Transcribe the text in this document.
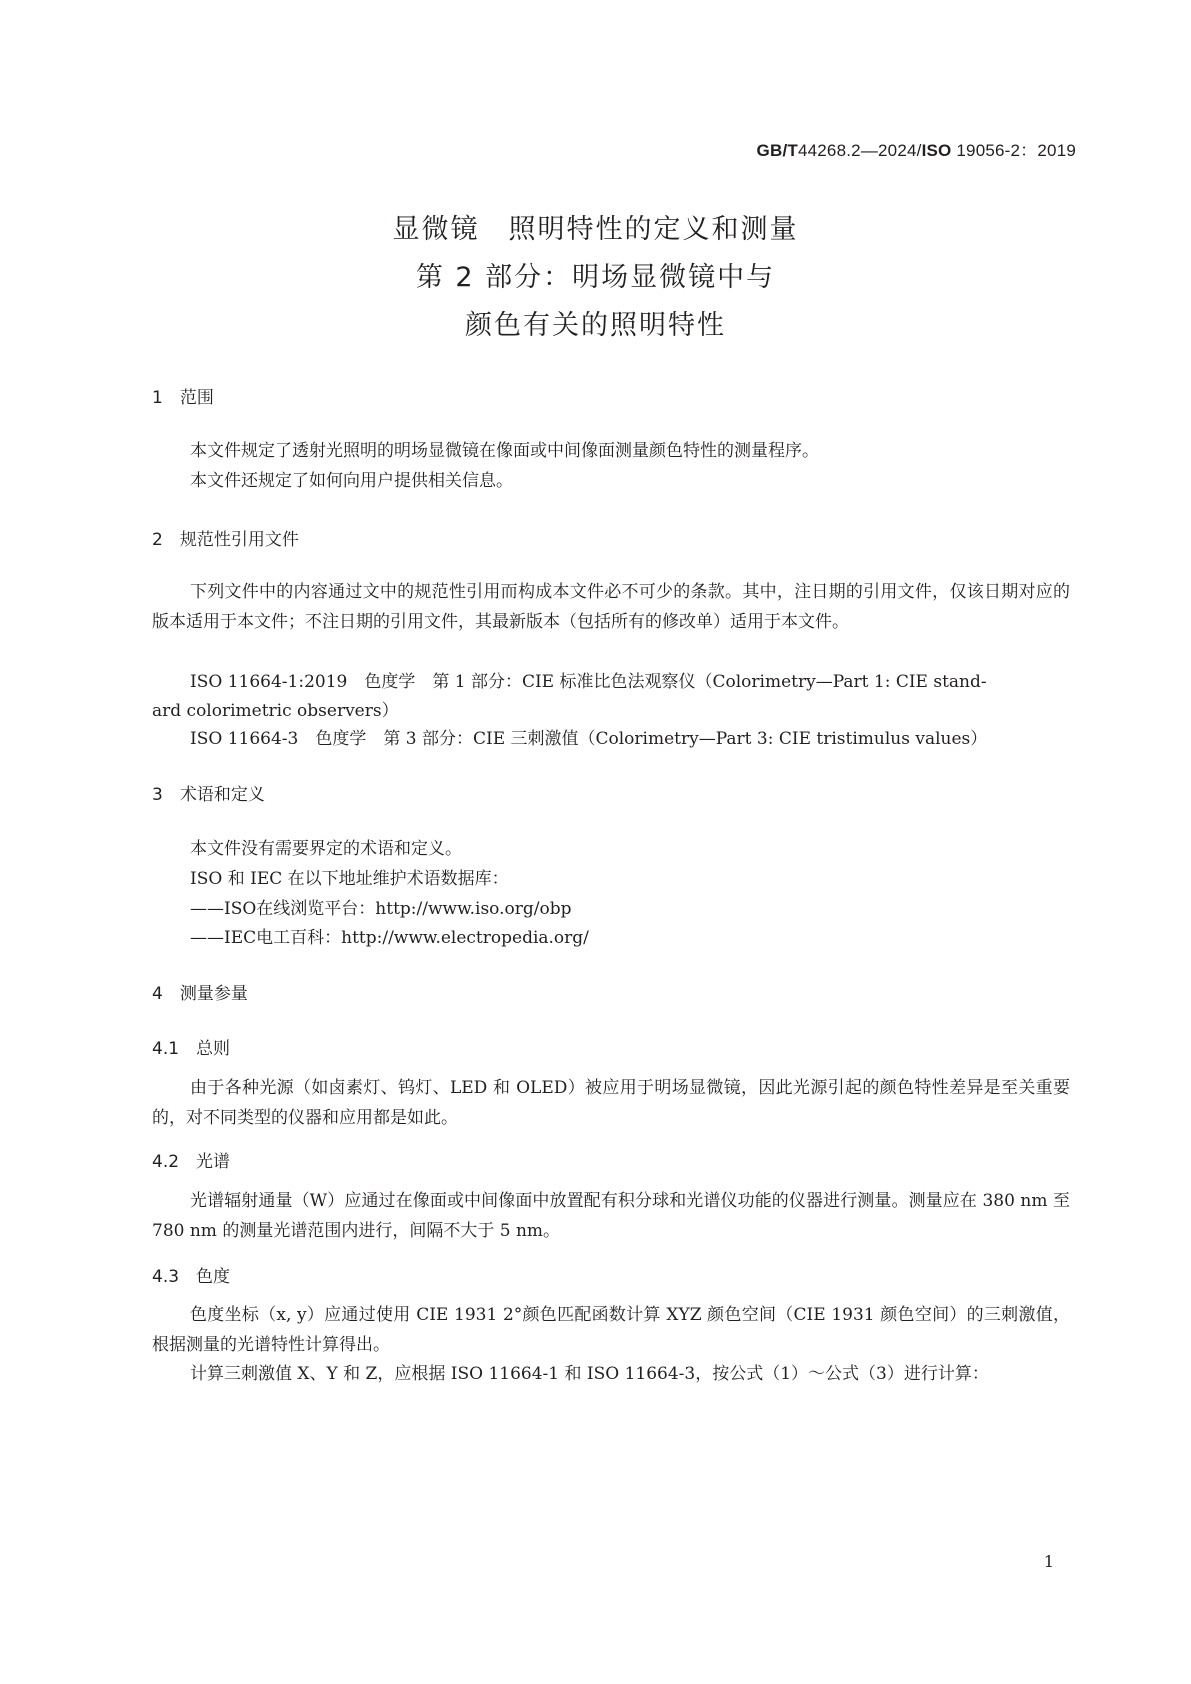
GB/T44268.2—2024/ISO 19056-2：2019
显微镜　照明特性的定义和测量
第 2 部分：明场显微镜中与
颜色有关的照明特性
1　范围
本文件规定了透射光照明的明场显微镜在像面或中间像面测量颜色特性的测量程序。
本文件还规定了如何向用户提供相关信息。
2　规范性引用文件
下列文件中的内容通过文中的规范性引用而构成本文件必不可少的条款。其中，注日期的引用文件，仅该日期对应的版本适用于本文件；不注日期的引用文件，其最新版本（包括所有的修改单）适用于本文件。
ISO 11664-1:2019　色度学　第 1 部分：CIE 标准比色法观察仪（Colorimetry—Part 1: CIE stand-
ard colorimetric observers）
ISO 11664-3　色度学　第 3 部分：CIE 三刺激值（Colorimetry—Part 3: CIE tristimulus values）
3　术语和定义
本文件没有需要界定的术语和定义。
ISO 和 IEC 在以下地址维护术语数据库：
——ISO在线浏览平台：http://www.iso.org/obp
——IEC电工百科：http://www.electropedia.org/
4　测量参量
4.1　总则
由于各种光源（如卤素灯、钨灯、LED 和 OLED）被应用于明场显微镜，因此光源引起的颜色特性差异是至关重要的，对不同类型的仪器和应用都是如此。
4.2　光谱
光谱辐射通量（W）应通过在像面或中间像面中放置配有积分球和光谱仪功能的仪器进行测量。测量应在 380 nm 至 780 nm 的测量光谱范围内进行，间隔不大于 5 nm。
4.3　色度
色度坐标（x, y）应通过使用 CIE 1931 2°颜色匹配函数计算 XYZ 颜色空间（CIE 1931 颜色空间）的三刺激值，根据测量的光谱特性计算得出。
计算三刺激值 X、Y 和 Z，应根据 ISO 11664-1 和 ISO 11664-3，按公式（1）～公式（3）进行计算：
1
